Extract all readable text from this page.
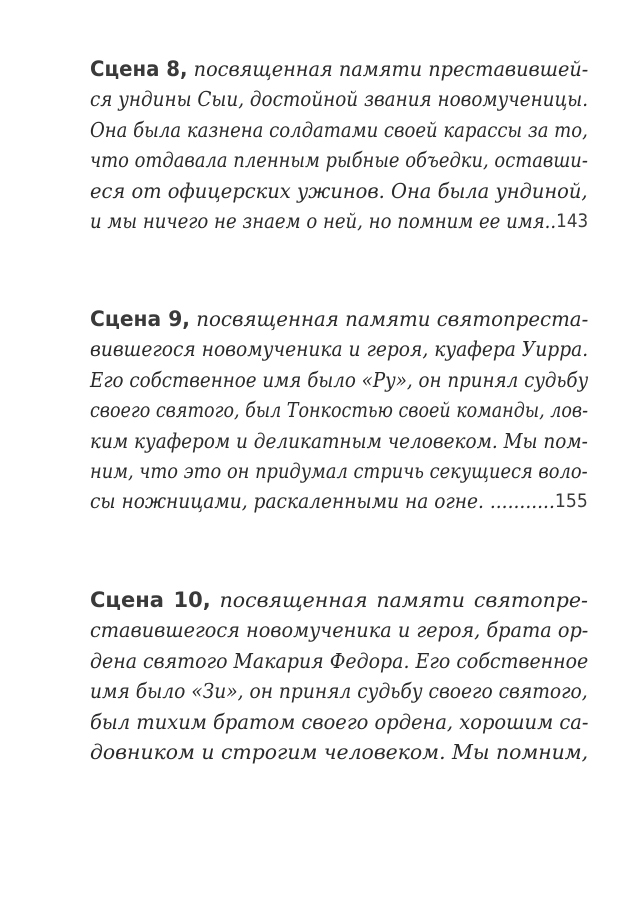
Сцена 8, посвященная памяти преставившей-
ся ундины Сыи, достойной звания новомученицы.
Она была казнена солдатами своей карассы за то,
что отдавала пленным рыбные объедки, оставши-
еся от офицерских ужинов. Она была ундиной,
и мы ничего не знаем о ней, но помним ее имя.. 143
Сцена 9, посвященная памяти святопреста-
вившегося новомученика и героя, куафера Уирра.
Его собственное имя было «Ру», он принял судьбу
своего святого, был Тонкостью своей команды, лов-
ким куафером и деликатным человеком. Мы пом-
ним, что это он придумал стричь секущиеся воло-
сы ножницами, раскаленными на огне. ........... 155
Сцена 10, посвященная памяти святопре-
ставившегося новомученика и героя, брата ор-
дена святого Макария Федора. Его собственное
имя было «Зи», он принял судьбу своего святого,
был тихим братом своего ордена, хорошим са-
довником и строгим человеком. Мы помним,
